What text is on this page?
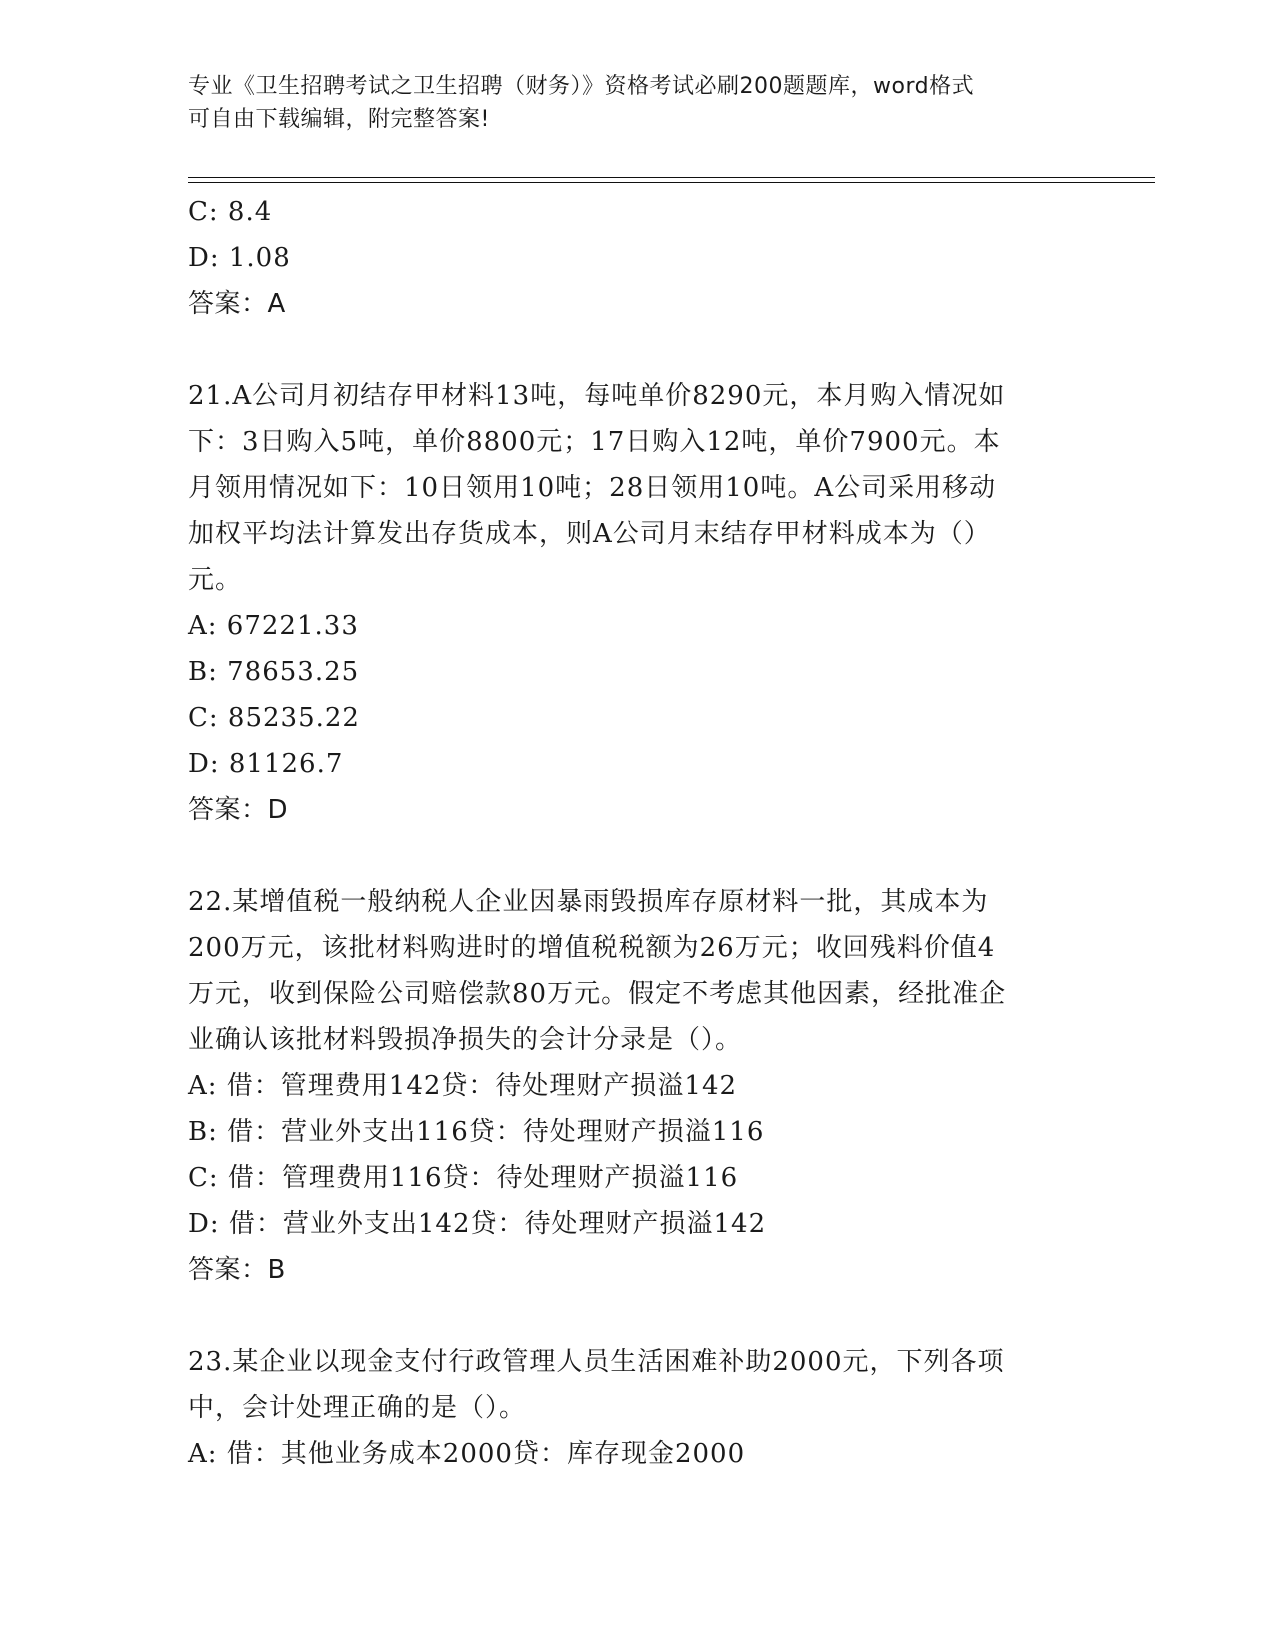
专业《卫生招聘考试之卫生招聘（财务）》资格考试必刷200题题库，word格式
可自由下载编辑，附完整答案!
C: 8.4
D: 1.08
答案：A
21.A公司月初结存甲材料13吨，每吨单价8290元，本月购入情况如
下：3日购入5吨，单价8800元；17日购入12吨，单价7900元。本
月领用情况如下：10日领用10吨；28日领用10吨。A公司采用移动
加权平均法计算发出存货成本，则A公司月末结存甲材料成本为（）
元。
A: 67221.33
B: 78653.25
C: 85235.22
D: 81126.7
答案：D
22.某增值税一般纳税人企业因暴雨毁损库存原材料一批，其成本为
200万元，该批材料购进时的增值税税额为26万元；收回残料价值4
万元，收到保险公司赔偿款80万元。假定不考虑其他因素，经批准企
业确认该批材料毁损净损失的会计分录是（）。
A: 借：管理费用142贷：待处理财产损溢142
B: 借：营业外支出116贷：待处理财产损溢116
C: 借：管理费用116贷：待处理财产损溢116
D: 借：营业外支出142贷：待处理财产损溢142
答案：B
23.某企业以现金支付行政管理人员生活困难补助2000元，下列各项
中，会计处理正确的是（）。
A: 借：其他业务成本2000贷：库存现金2000
